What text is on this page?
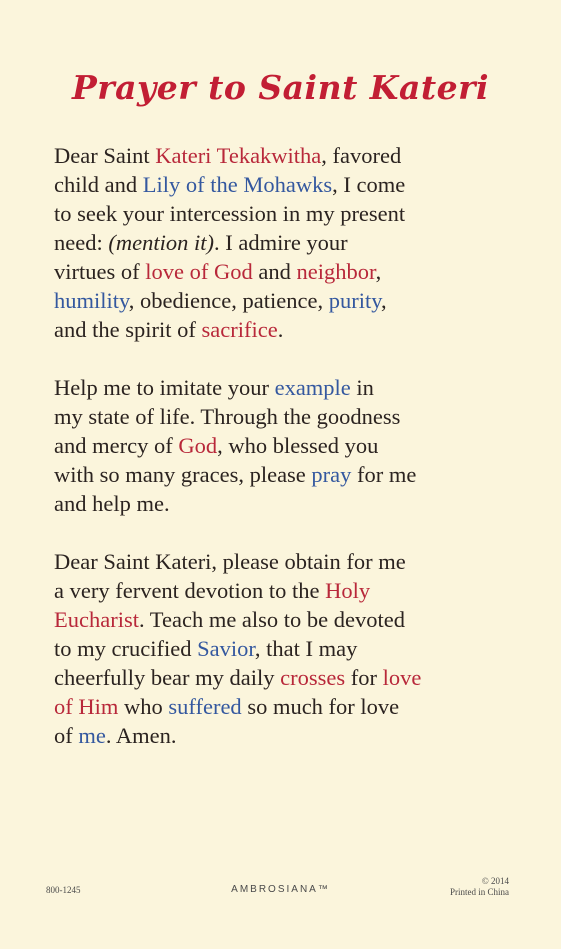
Prayer to Saint Kateri
Dear Saint Kateri Tekakwitha, favored
child and Lily of the Mohawks, I come
to seek your intercession in my present
need: (mention it). I admire your
virtues of love of God and neighbor,
humility, obedience, patience, purity,
and the spirit of sacrifice.
Help me to imitate your example in
my state of life. Through the goodness
and mercy of God, who blessed you
with so many graces, please pray for me
and help me.
Dear Saint Kateri, please obtain for me
a very fervent devotion to the Holy
Eucharist. Teach me also to be devoted
to my crucified Savior, that I may
cheerfully bear my daily crosses for love
of Him who suffered so much for love
of me. Amen.
800-1245	AMBROSIANA™
© 2014
Printed in China
